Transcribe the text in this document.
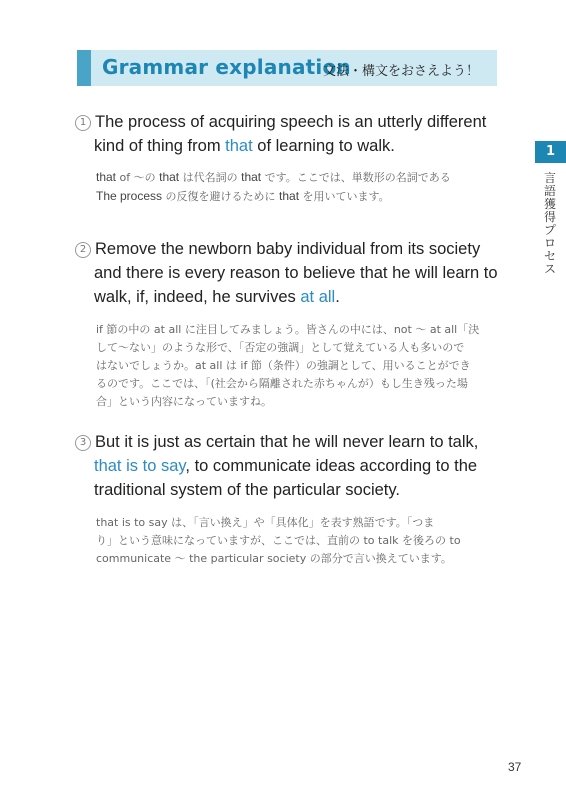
Grammar explanation
文法・構文をおさえよう！
1
言語獲得プロセス

1 The process of acquiring speech is an utterly different
kind of thing from that of learning to walk.

that of ～の that は代名詞の that です。ここでは、単数形の名詞である
The process の反復を避けるために that を用いています。

2 Remove the newborn baby individual from its society
and there is every reason to believe that he will learn to
walk, if, indeed, he survives at all.

if 節の中の at all に注目してみましょう。皆さんの中には、not ～ at all「決
して～ない」のような形で、「否定の強調」として覚えている人も多いので
はないでしょうか。at all は if 節（条件）の強調として、用いることができ
るのです。ここでは、「(社会から隔離された赤ちゃんが）もし生き残った場
合」という内容になっていますね。

3 But it is just as certain that he will never learn to talk,
that is to say, to communicate ideas according to the
traditional system of the particular society.

that is to say は、「言い換え」や「具体化」を表す熟語です。「つま
り」という意味になっていますが、ここでは、直前の to talk を後ろの to
communicate ～ the particular society の部分で言い換えています。
37
